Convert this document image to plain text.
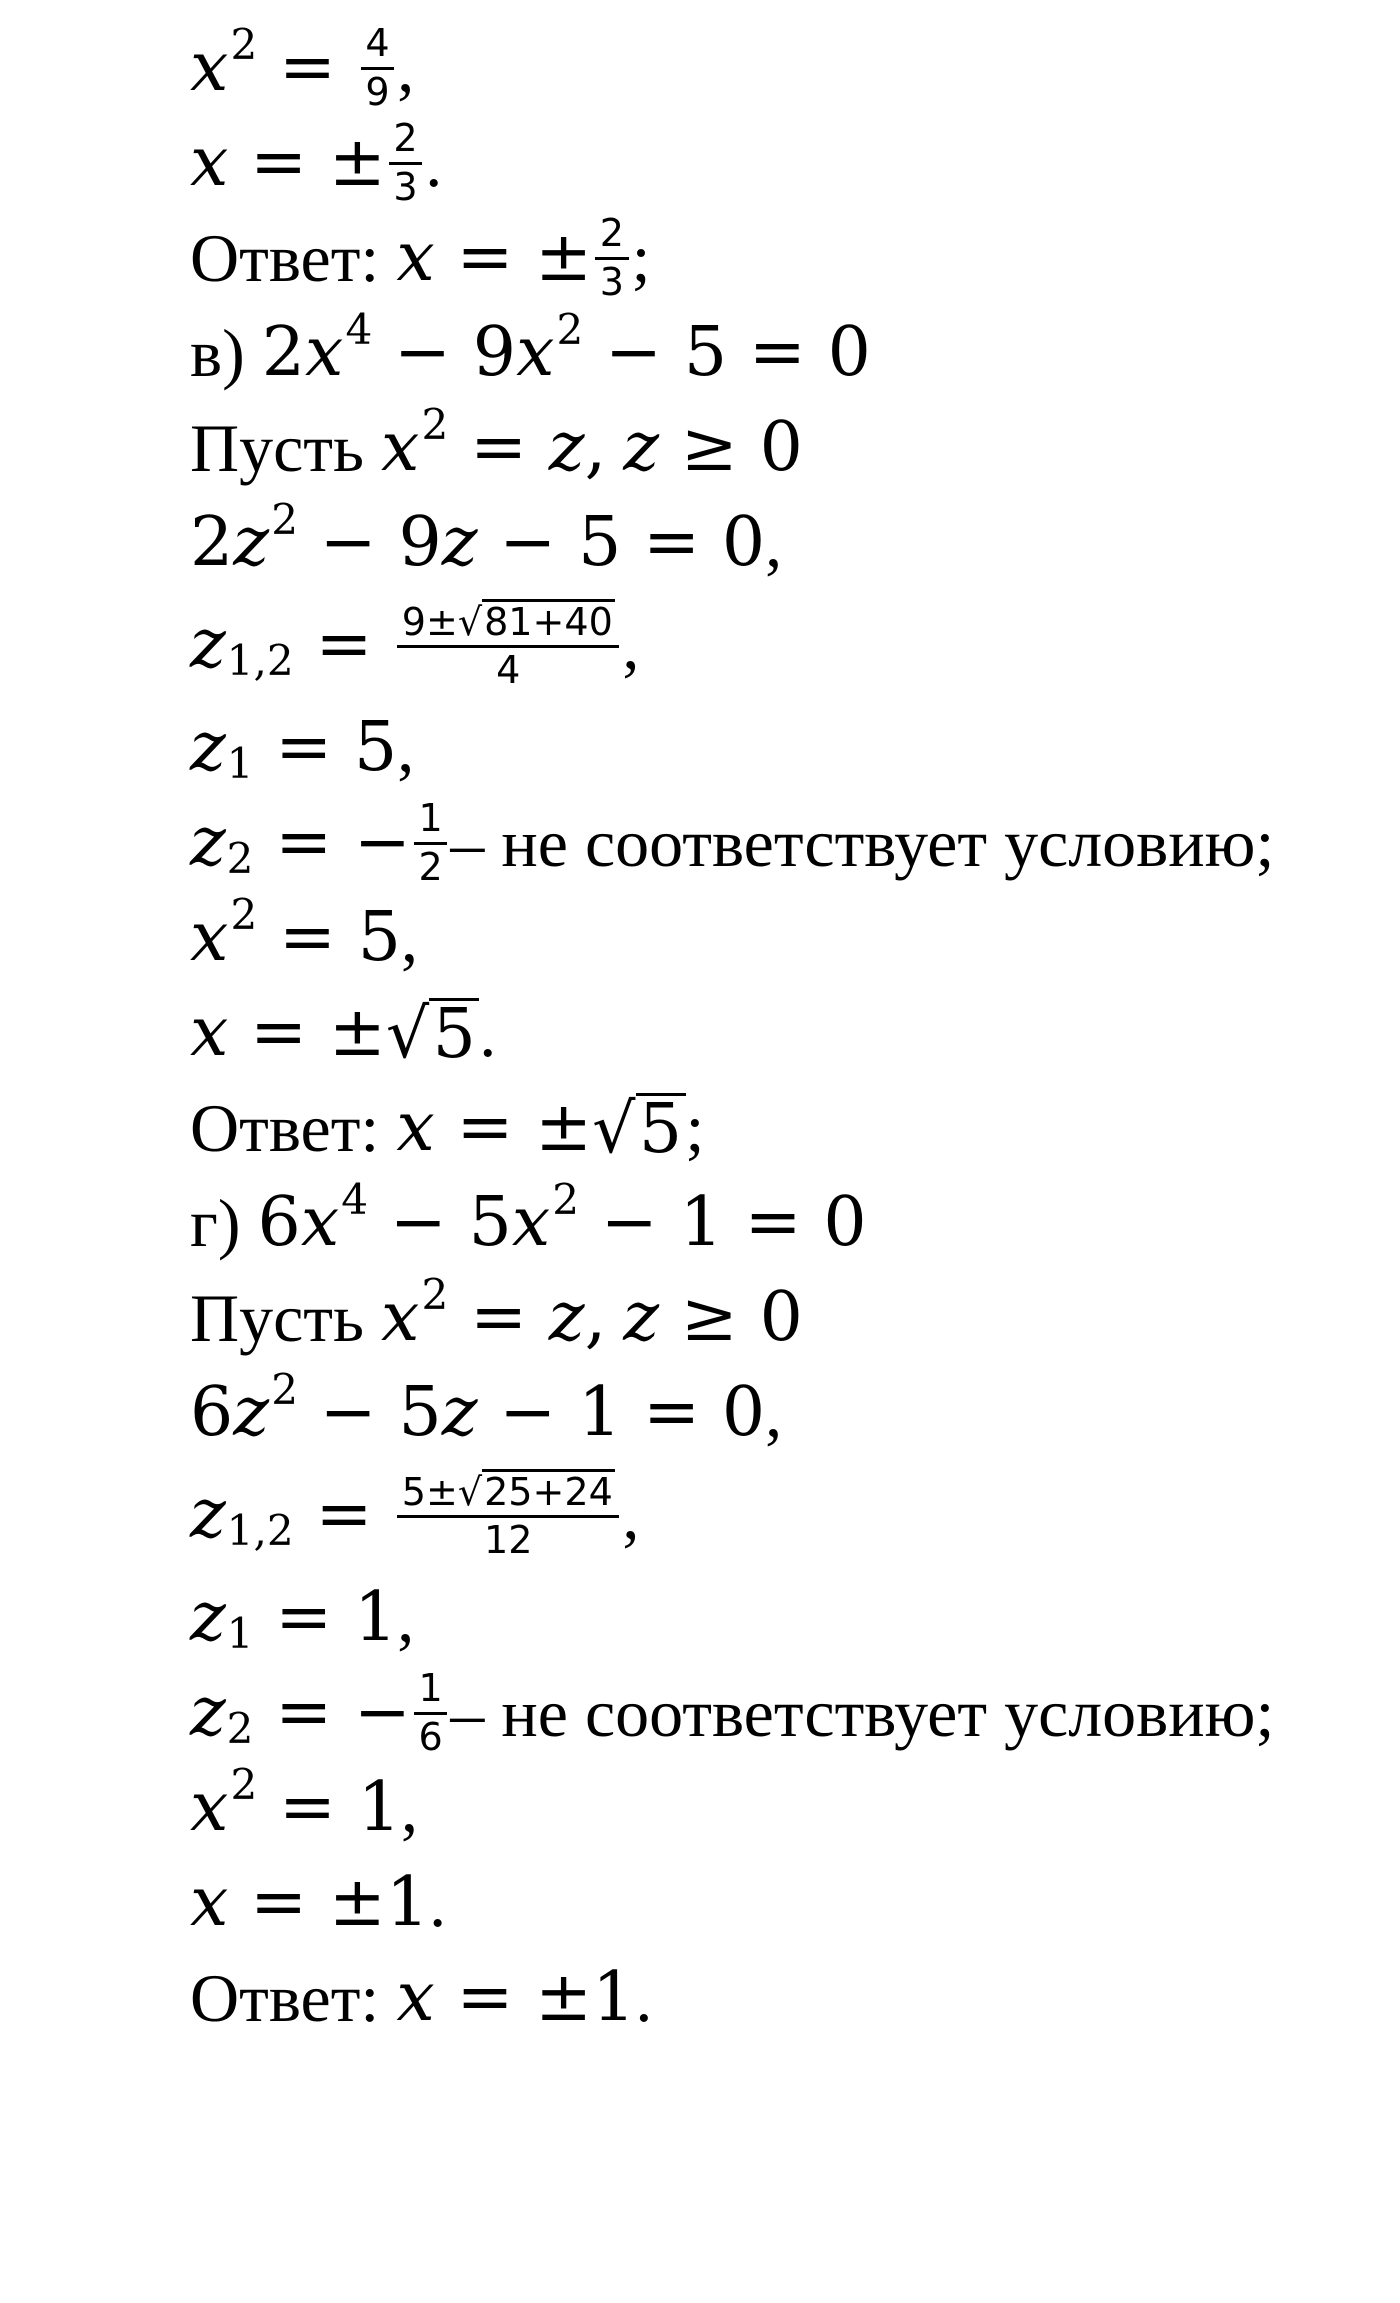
x $2 = \frac{4}{9}$ ,
x = ± $\frac{2}{3}$ .
Ответ:
x = ± $\frac{2}{3}$ ;
в)
2 x 4 − 9 x 2 − 5 = 0
Пусть
x 2 = z ,
z ≥ 0
2 z 2 − 9 z − 5 = 0 ,
z $1,2 = \frac{9\pm √ 81+40}{4}$ ,
z 1 = 5 ,
z 2 = − $\frac{1}{2}$ – не соответствует условию;
x 2 = 5 ,
x = ± √ 5 .
Ответ:
x = ± √ 5 ;
г)
6 x 4 − 5 x 2 − 1 = 0
Пусть
x 2 = z ,
z ≥ 0
6 z 2 − 5 z − 1 = 0 ,
z $1,2 = \frac{5\pm √ 25+24}{12}$ ,
z 1 = 1 ,
z 2 = − $\frac{1}{6}$ – не соответствует условию;
x 2 = 1 ,
x = ± 1 .
Ответ:
x = ± 1 .
